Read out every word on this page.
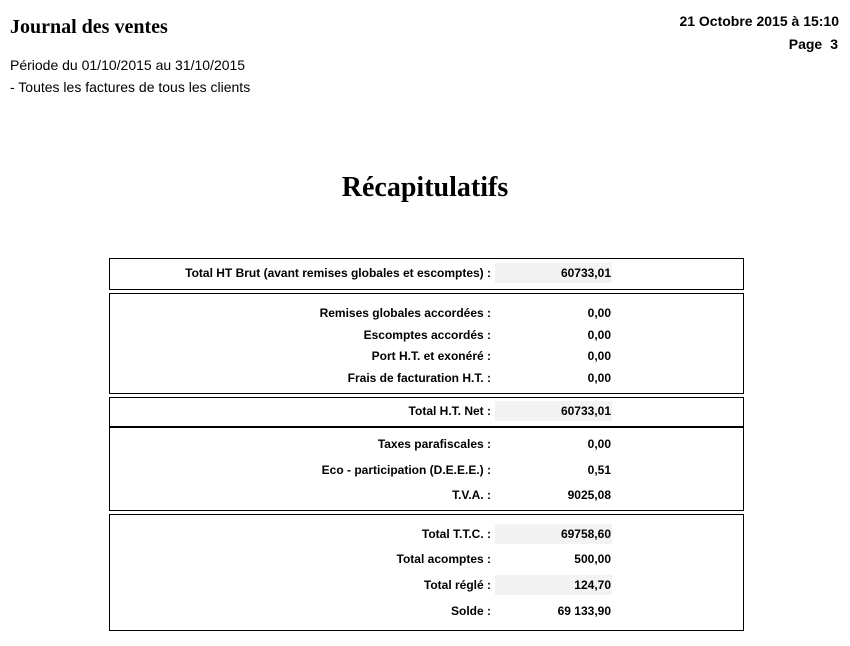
Journal des ventes
Période du 01/10/2015 au 31/10/2015
- Toutes les factures de tous les clients
21 Octobre 2015 à 15:10
Page 3
Récapitulatifs
Total HT Brut (avant remises globales et escomptes) :	60733,01
Remises globales accordées :	0,00
Escomptes accordés :	0,00
Port H.T. et exonéré :	0,00
Frais de facturation H.T. :	0,00
Total H.T. Net :	60733,01
Taxes parafiscales :	0,00
Eco - participation (D.E.E.E.) :	0,51
T.V.A. :	9025,08
Total T.T.C. :	69758,60
Total acomptes :	500,00
Total réglé :	124,70
Solde :	69 133,90
